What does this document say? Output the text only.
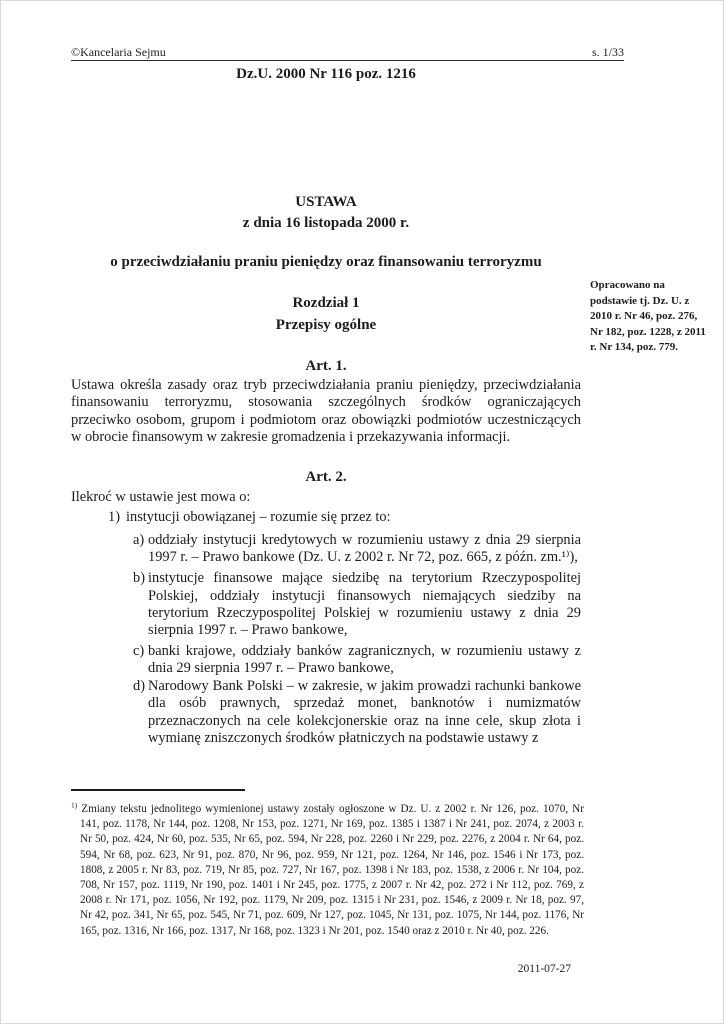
©Kancelaria Sejmu	s. 1/33
Dz.U. 2000 Nr 116 poz. 1216
USTAWA
z dnia 16 listopada 2000 r.
o przeciwdziałaniu praniu pieniędzy oraz finansowaniu terroryzmu
Rozdział 1
Przepisy ogólne
Art. 1.
Ustawa określa zasady oraz tryb przeciwdziałania praniu pieniędzy, przeciwdziałania finansowaniu terroryzmu, stosowania szczególnych środków ograniczających przeciwko osobom, grupom i podmiotom oraz obowiązki podmiotów uczestniczących w obrocie finansowym w zakresie gromadzenia i przekazywania informacji.
Art. 2.
Ilekroć w ustawie jest mowa o:
1) instytucji obowiązanej – rozumie się przez to:
a) oddziały instytucji kredytowych w rozumieniu ustawy z dnia 29 sierpnia 1997 r. – Prawo bankowe (Dz. U. z 2002 r. Nr 72, poz. 665, z późn. zm.¹⁾),
b) instytucje finansowe mające siedzibę na terytorium Rzeczypospolitej Polskiej, oddziały instytucji finansowych niemających siedziby na terytorium Rzeczypospolitej Polskiej w rozumieniu ustawy z dnia 29 sierpnia 1997 r. – Prawo bankowe,
c) banki krajowe, oddziały banków zagranicznych, w rozumieniu ustawy z dnia 29 sierpnia 1997 r. – Prawo bankowe,
d) Narodowy Bank Polski – w zakresie, w jakim prowadzi rachunki bankowe dla osób prawnych, sprzedaż monet, banknotów i numizmatów przeznaczonych na cele kolekcjonerskie oraz na inne cele, skup złota i wymianę zniszczonych środków płatniczych na podstawie ustawy z
Opracowano na podstawie tj. Dz. U. z 2010 r. Nr 46, poz. 276, Nr 182, poz. 1228, z 2011 r. Nr 134, poz. 779.
$^{1)}$ Zmiany tekstu jednolitego wymienionej ustawy zostały ogłoszone w Dz. U. z 2002 r. Nr 126, poz. 1070, Nr 141, poz. 1178, Nr 144, poz. 1208, Nr 153, poz. 1271, Nr 169, poz. 1385 i 1387 i Nr 241, poz. 2074, z 2003 r. Nr 50, poz. 424, Nr 60, poz. 535, Nr 65, poz. 594, Nr 228, poz. 2260 i Nr 229, poz. 2276, z 2004 r. Nr 64, poz. 594, Nr 68, poz. 623, Nr 91, poz. 870, Nr 96, poz. 959, Nr 121, poz. 1264, Nr 146, poz. 1546 i Nr 173, poz. 1808, z 2005 r. Nr 83, poz. 719, Nr 85, poz. 727, Nr 167, poz. 1398 i Nr 183, poz. 1538, z 2006 r. Nr 104, poz. 708, Nr 157, poz. 1119, Nr 190, poz. 1401 i Nr 245, poz. 1775, z 2007 r. Nr 42, poz. 272 i Nr 112, poz. 769, z 2008 r. Nr 171, poz. 1056, Nr 192, poz. 1179, Nr 209, poz. 1315 i Nr 231, poz. 1546, z 2009 r. Nr 18, poz. 97, Nr 42, poz. 341, Nr 65, poz. 545, Nr 71, poz. 609, Nr 127, poz. 1045, Nr 131, poz. 1075, Nr 144, poz. 1176, Nr 165, poz. 1316, Nr 166, poz. 1317, Nr 168, poz. 1323 i Nr 201, poz. 1540 oraz z 2010 r. Nr 40, poz. 226.
2011-07-27
